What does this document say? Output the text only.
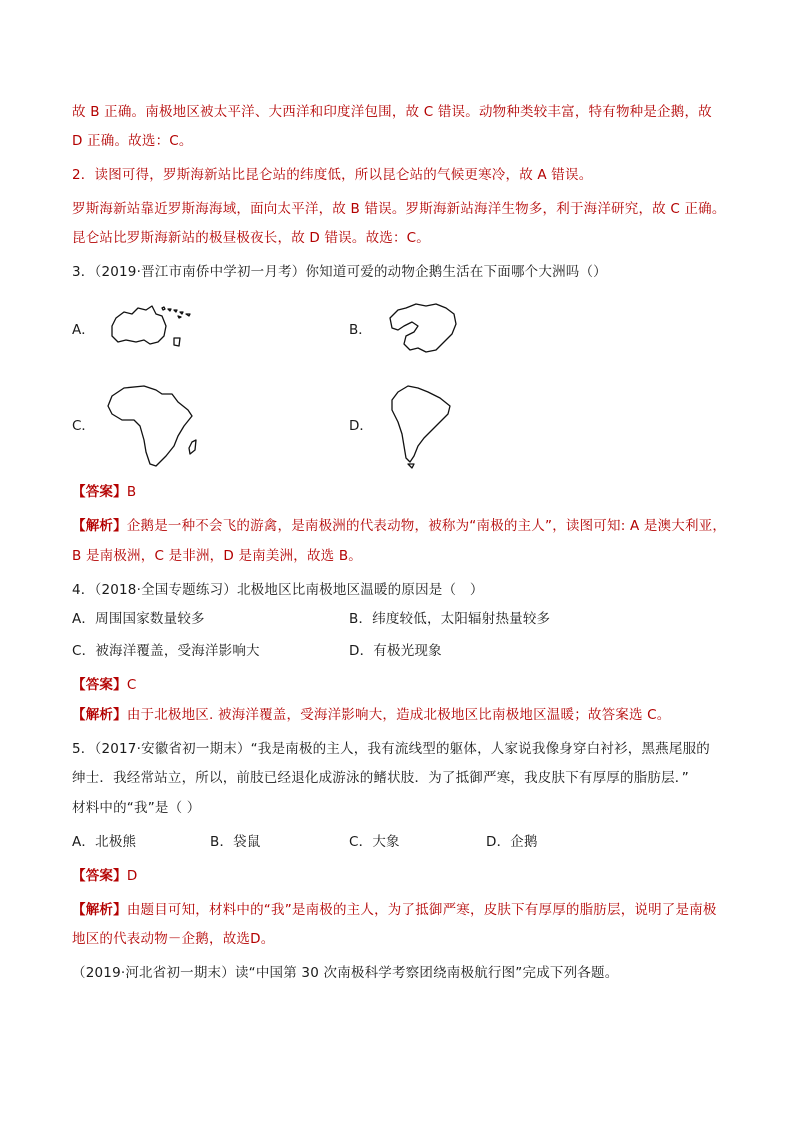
故 B 正确。南极地区被太平洋、大西洋和印度洋包围，故 C 错误。动物种类较丰富，特有物种是企鹅，故
D 正确。故选：C。
2．读图可得，罗斯海新站比昆仑站的纬度低，所以昆仑站的气候更寒冷，故 A 错误。
罗斯海新站靠近罗斯海海域，面向太平洋，故 B 错误。罗斯海新站海洋生物多，利于海洋研究，故 C 正确。
昆仑站比罗斯海新站的极昼极夜长，故 D 错误。故选：C。
3．（2019·晋江市南侨中学初一月考）你知道可爱的动物企鹅生活在下面哪个大洲吗（）
A．	B．
C．	D．
【答案】B
【解析】企鹅是一种不会飞的游禽，是南极洲的代表动物，被称为“南极的主人”，读图可知: A 是澳大利亚，
B 是南极洲，C 是非洲，D 是南美洲，故选 B。
4．（2018·全国专题练习）北极地区比南极地区温暖的原因是（　）
A．周围国家数量较多	B．纬度较低，太阳辐射热量较多
C．被海洋覆盖，受海洋影响大	D．有极光现象
【答案】C
【解析】由于北极地区. 被海洋覆盖，受海洋影响大，造成北极地区比南极地区温暖；故答案选 C。
5．（2017·安徽省初一期末）“我是南极的主人，我有流线型的躯体，人家说我像身穿白衬衫，黑燕尾服的
绅士．我经常站立，所以，前肢已经退化成游泳的鳍状肢．为了抵御严寒，我皮肤下有厚厚的脂肪层．”
材料中的“我”是（ ）
A．北极熊	B．袋鼠	C．大象	D．企鹅
【答案】D
【解析】由题目可知，材料中的“我”是南极的主人，为了抵御严寒，皮肤下有厚厚的脂肪层，说明了是南极
地区的代表动物－企鹅，故选D。
（2019·河北省初一期末）读“中国第 30 次南极科学考察团绕南极航行图”完成下列各题。
